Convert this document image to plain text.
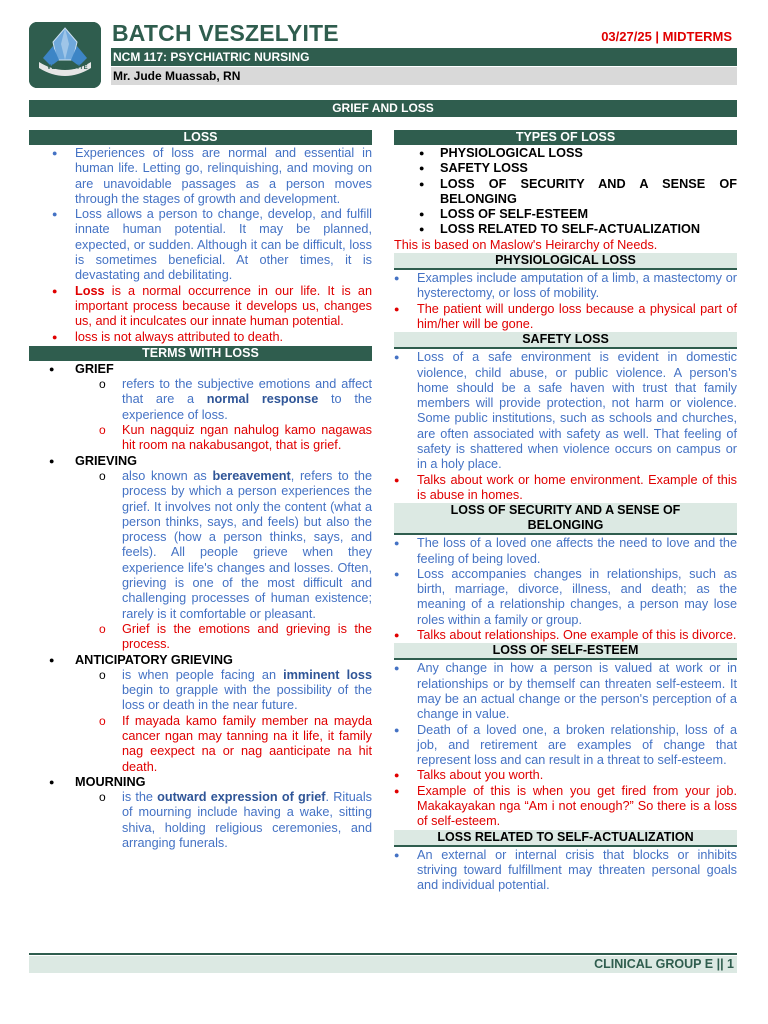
VESZELYITE
BATCH VESZELYITE	03/27/25 | MIDTERMS
NCM 117: PSYCHIATRIC NURSING
Mr. Jude Muassab, RN
GRIEF AND LOSS
LOSS
● Experiences of loss are normal and essential in human life. Letting go, relinquishing, and moving on are unavoidable passages as a person moves through the stages of growth and development.
● Loss allows a person to change, develop, and fulfill innate human potential. It may be planned, expected, or sudden. Although it can be difficult, loss is sometimes beneficial. At other times, it is devastating and debilitating.
● Loss is a normal occurrence in our life. It is an important process because it develops us, changes us, and it inculcates our innate human potential.
● loss is not always attributed to death.
TERMS WITH LOSS
● GRIEF
o refers to the subjective emotions and affect that are a normal response to the experience of loss.
o Kun nagquiz ngan nahulog kamo nagawas hit room na nakabusangot, that is grief.
● GRIEVING
o also known as bereavement, refers to the process by which a person experiences the grief. It involves not only the content (what a person thinks, says, and feels) but also the process (how a person thinks, says, and feels). All people grieve when they experience life's changes and losses. Often, grieving is one of the most difficult and challenging processes of human existence; rarely is it comfortable or pleasant.
o Grief is the emotions and grieving is the process.
● ANTICIPATORY GRIEVING
o is when people facing an imminent loss begin to grapple with the possibility of the loss or death in the near future.
o If mayada kamo family member na mayda cancer ngan may tanning na it life, it family nag eexpect na or nag aanticipate na hit death.
● MOURNING
o is the outward expression of grief. Rituals of mourning include having a wake, sitting shiva, holding religious ceremonies, and arranging funerals.
TYPES OF LOSS
● PHYSIOLOGICAL LOSS
● SAFETY LOSS
● LOSS OF SECURITY AND A SENSE OF BELONGING
● LOSS OF SELF-ESTEEM
● LOSS RELATED TO SELF-ACTUALIZATION
This is based on Maslow's Heirarchy of Needs.
PHYSIOLOGICAL LOSS
● Examples include amputation of a limb, a mastectomy or hysterectomy, or loss of mobility.
● The patient will undergo loss because a physical part of him/her will be gone.
SAFETY LOSS
● Loss of a safe environment is evident in domestic violence, child abuse, or public violence. A person's home should be a safe haven with trust that family members will provide protection, not harm or violence. Some public institutions, such as schools and churches, are often associated with safety as well. That feeling of safety is shattered when violence occurs on campus or in a holy place.
● Talks about work or home environment. Example of this is abuse in homes.
LOSS OF SECURITY AND A SENSE OF BELONGING
● The loss of a loved one affects the need to love and the feeling of being loved.
● Loss accompanies changes in relationships, such as birth, marriage, divorce, illness, and death; as the meaning of a relationship changes, a person may lose roles within a family or group.
● Talks about relationships. One example of this is divorce.
LOSS OF SELF-ESTEEM
● Any change in how a person is valued at work or in relationships or by themself can threaten self-esteem. It may be an actual change or the person's perception of a change in value.
● Death of a loved one, a broken relationship, loss of a job, and retirement are examples of change that represent loss and can result in a threat to self-esteem.
● Talks about you worth.
● Example of this is when you get fired from your job. Makakayakan nga “Am i not enough?” So there is a loss of self-esteem.
LOSS RELATED TO SELF-ACTUALIZATION
● An external or internal crisis that blocks or inhibits striving toward fulfillment may threaten personal goals and individual potential.
CLINICAL GROUP E || 1
